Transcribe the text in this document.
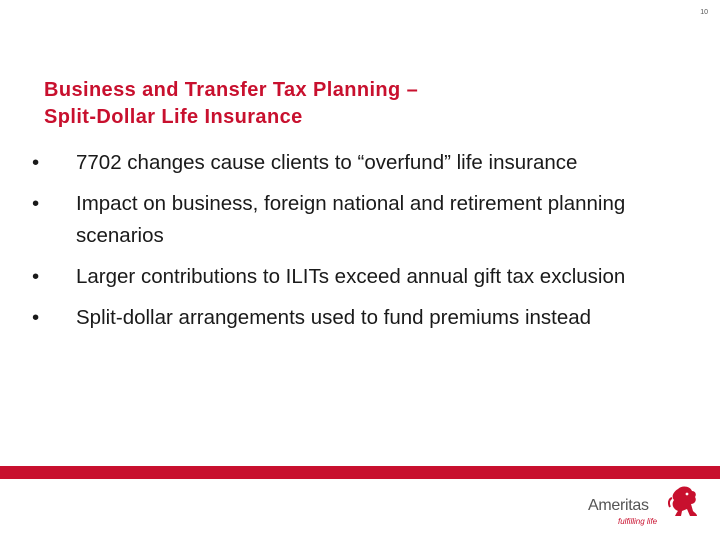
10
Business and Transfer Tax Planning –
Split-Dollar Life Insurance
•	7702 changes cause clients to “overfund” life insurance
•	Impact on business, foreign national and retirement planning scenarios
•	Larger contributions to ILITs exceed annual gift tax exclusion
•	Split-dollar arrangements used to fund premiums instead
Ameritas
fulfilling life
